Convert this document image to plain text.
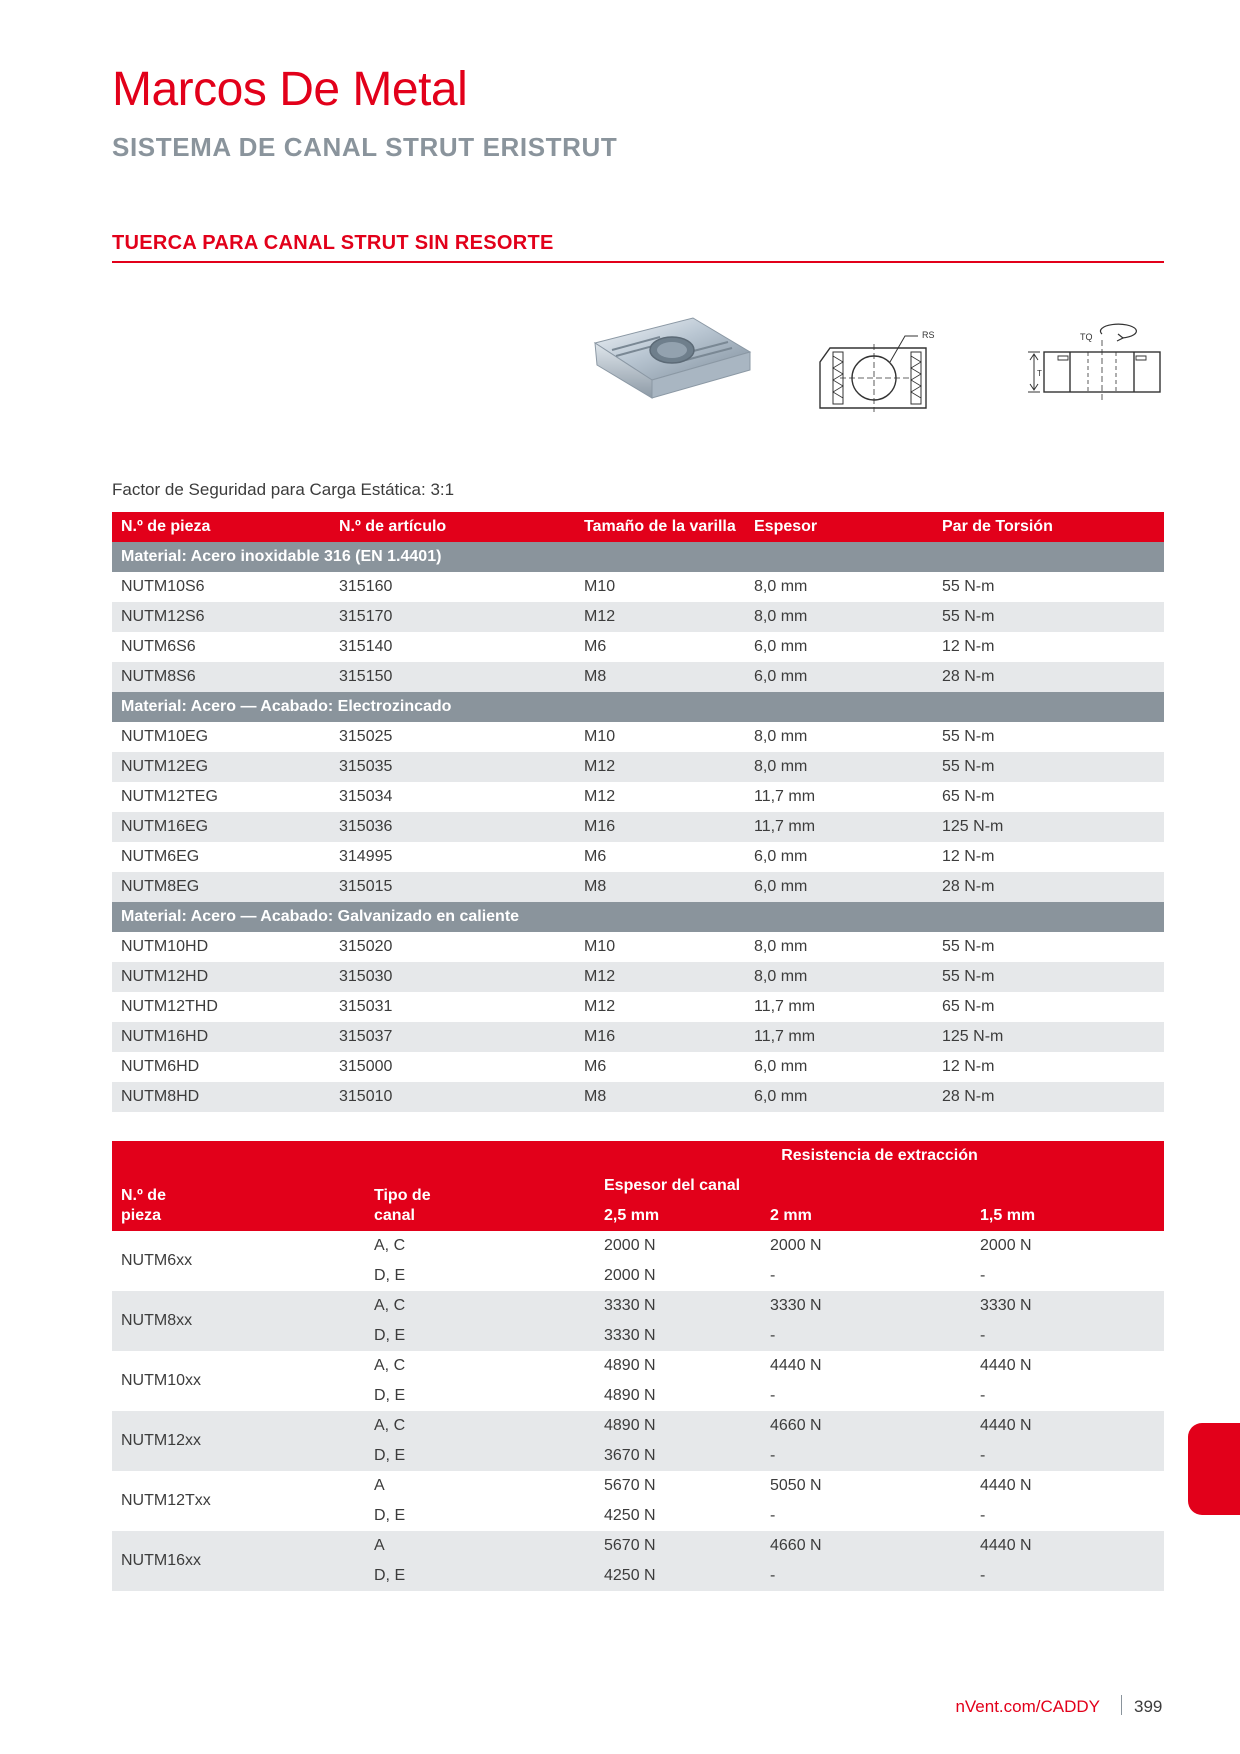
Marcos De Metal
SISTEMA DE CANAL STRUT ERISTRUT
TUERCA PARA CANAL STRUT SIN RESORTE
RS	TQ
T
Factor de Seguridad para Carga Estática: 3:1
N.º de pieza	N.º de artículo	Tamaño de la varilla	Espesor	Par de Torsión
Material: Acero inoxidable 316 (EN 1.4401)				
NUTM10S6	315160	M10	8,0 mm	55 N-m
NUTM12S6	315170	M12	8,0 mm	55 N-m
NUTM6S6	315140	M6	6,0 mm	12 N-m
NUTM8S6	315150	M8	6,0 mm	28 N-m
Material: Acero — Acabado: Electrozincado				
NUTM10EG	315025	M10	8,0 mm	55 N-m
NUTM12EG	315035	M12	8,0 mm	55 N-m
NUTM12TEG	315034	M12	11,7 mm	65 N-m
NUTM16EG	315036	M16	11,7 mm	125 N-m
NUTM6EG	314995	M6	6,0 mm	12 N-m
NUTM8EG	315015	M8	6,0 mm	28 N-m
Material: Acero — Acabado: Galvanizado en caliente				
NUTM10HD	315020	M10	8,0 mm	55 N-m
NUTM12HD	315030	M12	8,0 mm	55 N-m
NUTM12THD	315031	M12	11,7 mm	65 N-m
NUTM16HD	315037	M16	11,7 mm	125 N-m
NUTM6HD	315000	M6	6,0 mm	12 N-m
NUTM8HD	315010	M8	6,0 mm	28 N-m
		Resistencia de extracción		
N.º de
pieza	Tipo de
canal	Espesor del canal		
		2,5 mm	2 mm	1,5 mm
NUTM6xx	A, C	2000 N	2000 N	2000 N
	D, E	2000 N	-	-
NUTM8xx	A, C	3330 N	3330 N	3330 N
	D, E	3330 N	-	-
NUTM10xx	A, C	4890 N	4440 N	4440 N
	D, E	4890 N	-	-
NUTM12xx	A, C	4890 N	4660 N	4440 N
	D, E	3670 N	-	-
NUTM12Txx	A	5670 N	5050 N	4440 N
	D, E	4250 N	-	-
NUTM16xx	A	5670 N	4660 N	4440 N
	D, E	4250 N	-	-
nVent.com/CADDY 399
